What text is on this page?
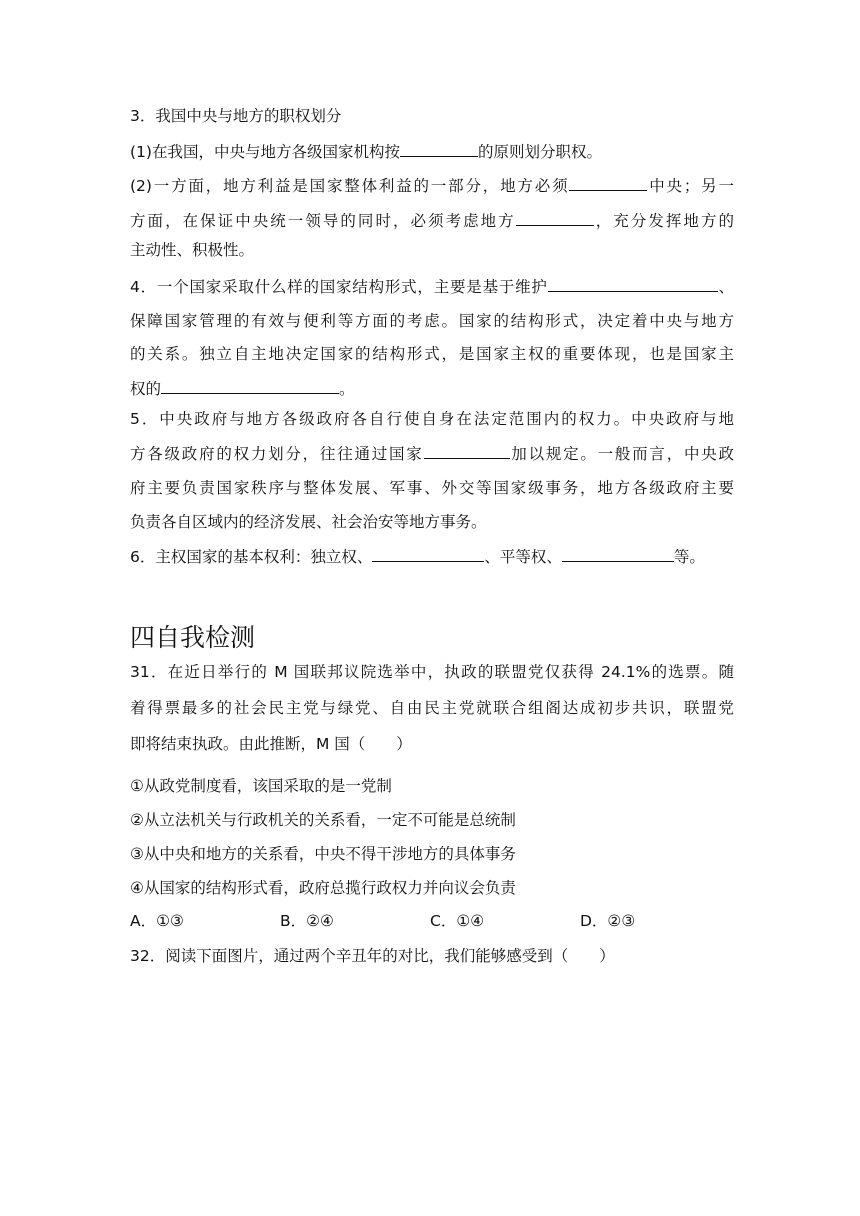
3．我国中央与地方的职权划分
(1)在我国，中央与地方各级国家机构按	的原则划分职权。
(2)一方面，地方利益是国家整体利益的一部分，地方必须	中央；另一
方面，在保证中央统一领导的同时，必须考虑地方	，充分发挥地方的
主动性、积极性。
4．一个国家采取什么样的国家结构形式，主要是基于维护	、
保障国家管理的有效与便利等方面的考虑。国家的结构形式，决定着中央与地方
的关系。独立自主地决定国家的结构形式，是国家主权的重要体现，也是国家主
权的	。
5．中央政府与地方各级政府各自行使自身在法定范围内的权力。中央政府与地
方各级政府的权力划分，往往通过国家	加以规定。一般而言，中央政
府主要负责国家秩序与整体发展、军事、外交等国家级事务，地方各级政府主要
负责各自区域内的经济发展、社会治安等地方事务。
6．主权国家的基本权利：独立权、	、平等权、	等。
四自我检测
31．在近日举行的 M 国联邦议院选举中，执政的联盟党仅获得 24.1%的选票。随
着得票最多的社会民主党与绿党、自由民主党就联合组阁达成初步共识，联盟党
即将结束执政。由此推断，M 国（　　）
①从政党制度看，该国采取的是一党制
②从立法机关与行政机关的关系看，一定不可能是总统制
③从中央和地方的关系看，中央不得干涉地方的具体事务
④从国家的结构形式看，政府总揽行政权力并向议会负责
A．①③	B．②④	C．①④	D．②③
32．阅读下面图片，通过两个辛丑年的对比，我们能够感受到（　　）
